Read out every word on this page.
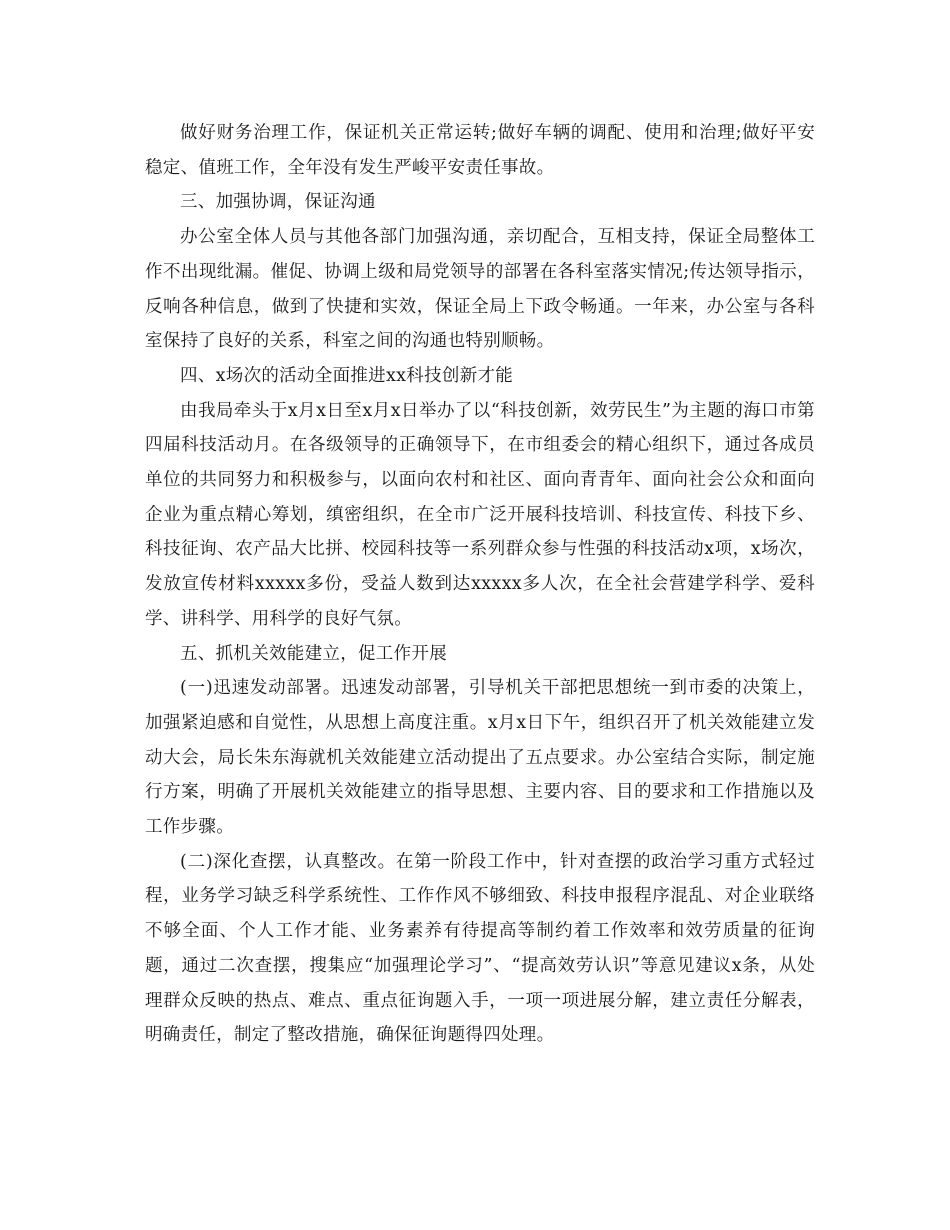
做好财务治理工作，保证机关正常运转;做好车辆的调配、使用和治理;做好平安稳定、值班工作，全年没有发生严峻平安责任事故。

三、加强协调，保证沟通

办公室全体人员与其他各部门加强沟通，亲切配合，互相支持，保证全局整体工作不出现纰漏。催促、协调上级和局党领导的部署在各科室落实情况;传达领导指示，反响各种信息，做到了快捷和实效，保证全局上下政令畅通。一年来，办公室与各科室保持了良好的关系，科室之间的沟通也特别顺畅。

四、x场次的活动全面推进xx科技创新才能

由我局牵头于x月x日至x月x日举办了以“科技创新，效劳民生”为主题的海口市第四届科技活动月。在各级领导的正确领导下，在市组委会的精心组织下，通过各成员单位的共同努力和积极参与，以面向农村和社区、面向青青年、面向社会公众和面向企业为重点精心筹划，缜密组织，在全市广泛开展科技培训、科技宣传、科技下乡、科技征询、农产品大比拼、校园科技等一系列群众参与性强的科技活动x项，x场次，发放宣传材料xxxxx多份，受益人数到达xxxxx多人次，在全社会营建学科学、爱科学、讲科学、用科学的良好气氛。

五、抓机关效能建立，促工作开展

(一)迅速发动部署。迅速发动部署，引导机关干部把思想统一到市委的决策上，加强紧迫感和自觉性，从思想上高度注重。x月x日下午，组织召开了机关效能建立发动大会，局长朱东海就机关效能建立活动提出了五点要求。办公室结合实际，制定施行方案，明确了开展机关效能建立的指导思想、主要内容、目的要求和工作措施以及工作步骤。

(二)深化查摆，认真整改。在第一阶段工作中，针对查摆的政治学习重方式轻过程，业务学习缺乏科学系统性、工作作风不够细致、科技申报程序混乱、对企业联络不够全面、个人工作才能、业务素养有待提高等制约着工作效率和效劳质量的征询题，通过二次查摆，搜集应“加强理论学习”、“提高效劳认识”等意见建议x条，从处理群众反映的热点、难点、重点征询题入手，一项一项进展分解，建立责任分解表，明确责任，制定了整改措施，确保征询题得四处理。
